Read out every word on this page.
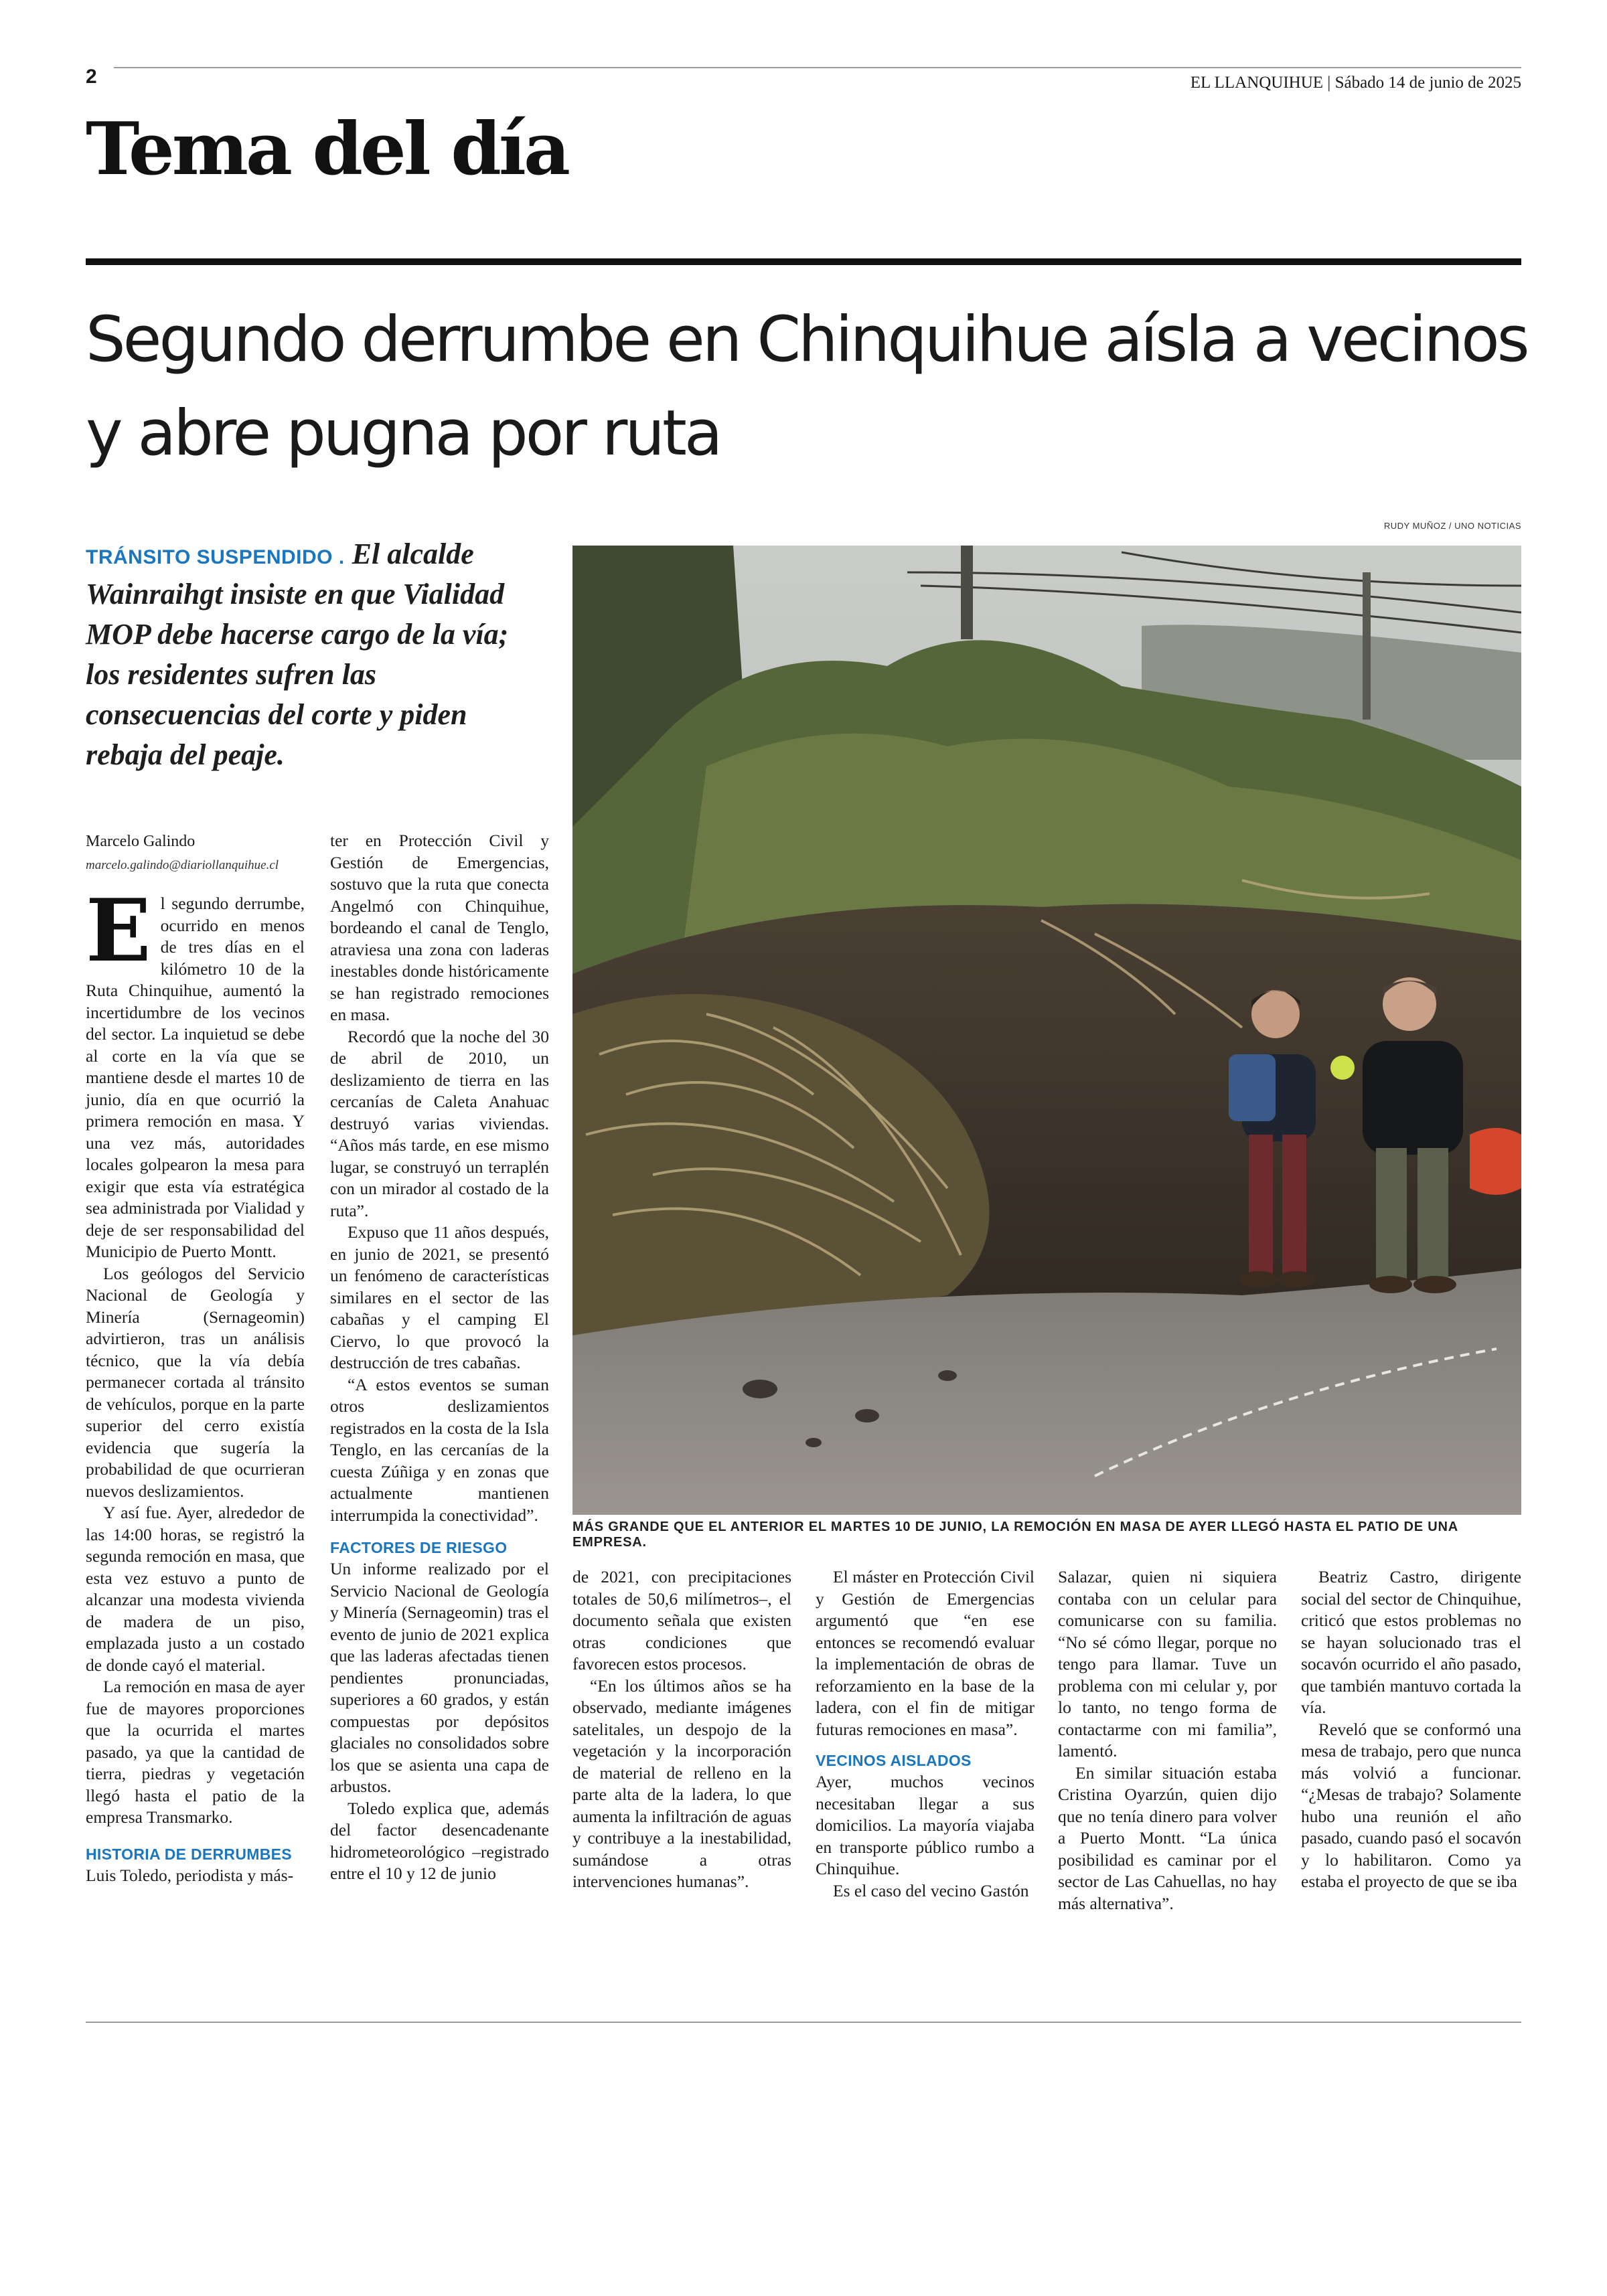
2	EL LLANQUIHUE | Sábado 14 de junio de 2025
Tema del día
Segundo derrumbe en Chinquihue aísla a vecinos y abre pugna por ruta
TRÁNSITO SUSPENDIDO . El alcalde Wainraihgt insiste en que Vialidad MOP debe hacerse cargo de la vía; los residentes sufren las consecuencias del corte y piden rebaja del peaje.
RUDY MUÑOZ / UNO NOTICIAS
MÁS GRANDE QUE EL ANTERIOR EL MARTES 10 DE JUNIO, LA REMOCIÓN EN MASA DE AYER LLEGÓ HASTA EL PATIO DE UNA EMPRESA.
Marcelo Galindo
marcelo.galindo@diariollanquihue.cl

El segundo derrumbe, ocurrido en menos de tres días en el kilómetro 10 de la Ruta Chinquihue, aumentó la incertidumbre de los vecinos del sector. La inquietud se debe al corte en la vía que se mantiene desde el martes 10 de junio, día en que ocurrió la primera remoción en masa. Y una vez más, autoridades locales golpearon la mesa para exigir que esta vía estratégica sea administrada por Vialidad y deje de ser responsabilidad del Municipio de Puerto Montt.

Los geólogos del Servicio Nacional de Geología y Minería (Sernageomin) advirtieron, tras un análisis técnico, que la vía debía permanecer cortada al tránsito de vehículos, porque en la parte superior del cerro existía evidencia que sugería la probabilidad de que ocurrieran nuevos deslizamientos.

Y así fue. Ayer, alrededor de las 14:00 horas, se registró la segunda remoción en masa, que esta vez estuvo a punto de alcanzar una modesta vivienda de madera de un piso, emplazada justo a un costado de donde cayó el material.

La remoción en masa de ayer fue de mayores proporciones que la ocurrida el martes pasado, ya que la cantidad de tierra, piedras y vegetación llegó hasta el patio de la empresa Transmarko.

HISTORIA DE DERRUMBES

Luis Toledo, periodista y más-

ter en Protección Civil y Gestión de Emergencias, sostuvo que la ruta que conecta Angelmó con Chinquihue, bordeando el canal de Tenglo, atraviesa una zona con laderas inestables donde históricamente se han registrado remociones en masa.

Recordó que la noche del 30 de abril de 2010, un deslizamiento de tierra en las cercanías de Caleta Anahuac destruyó varias viviendas. “Años más tarde, en ese mismo lugar, se construyó un terraplén con un mirador al costado de la ruta”.

Expuso que 11 años después, en junio de 2021, se presentó un fenómeno de características similares en el sector de las cabañas y el camping El Ciervo, lo que provocó la destrucción de tres cabañas.

“A estos eventos se suman otros deslizamientos registrados en la costa de la Isla Tenglo, en las cercanías de la cuesta Zúñiga y en zonas que actualmente mantienen interrumpida la conectividad”.

FACTORES DE RIESGO

Un informe realizado por el Servicio Nacional de Geología y Minería (Sernageomin) tras el evento de junio de 2021 explica que las laderas afectadas tienen pendientes pronunciadas, superiores a 60 grados, y están compuestas por depósitos glaciales no consolidados sobre los que se asienta una capa de arbustos.

Toledo explica que, además del factor desencadenante hidrometeorológico –registrado entre el 10 y 12 de junio

de 2021, con precipitaciones totales de 50,6 milímetros–, el documento señala que existen otras condiciones que favorecen estos procesos.

“En los últimos años se ha observado, mediante imágenes satelitales, un despojo de la vegetación y la incorporación de material de relleno en la parte alta de la ladera, lo que aumenta la infiltración de aguas y contribuye a la inestabilidad, sumándose a otras intervenciones humanas”.

El máster en Protección Civil y Gestión de Emergencias argumentó que “en ese entonces se recomendó evaluar la implementación de obras de reforzamiento en la base de la ladera, con el fin de mitigar futuras remociones en masa”.

VECINOS AISLADOS

Ayer, muchos vecinos necesitaban llegar a sus domicilios. La mayoría viajaba en transporte público rumbo a Chinquihue.

Es el caso del vecino Gastón

Salazar, quien ni siquiera contaba con un celular para comunicarse con su familia. “No sé cómo llegar, porque no tengo para llamar. Tuve un problema con mi celular y, por lo tanto, no tengo forma de contactarme con mi familia”, lamentó.

En similar situación estaba Cristina Oyarzún, quien dijo que no tenía dinero para volver a Puerto Montt. “La única posibilidad es caminar por el sector de Las Cahuellas, no hay más alternativa”.

Beatriz Castro, dirigente social del sector de Chinquihue, criticó que estos problemas no se hayan solucionado tras el socavón ocurrido el año pasado, que también mantuvo cortada la vía.

Reveló que se conformó una mesa de trabajo, pero que nunca más volvió a funcionar. “¿Mesas de trabajo? Solamente hubo una reunión el año pasado, cuando pasó el socavón y lo habilitaron. Como ya estaba el proyecto de que se iba
